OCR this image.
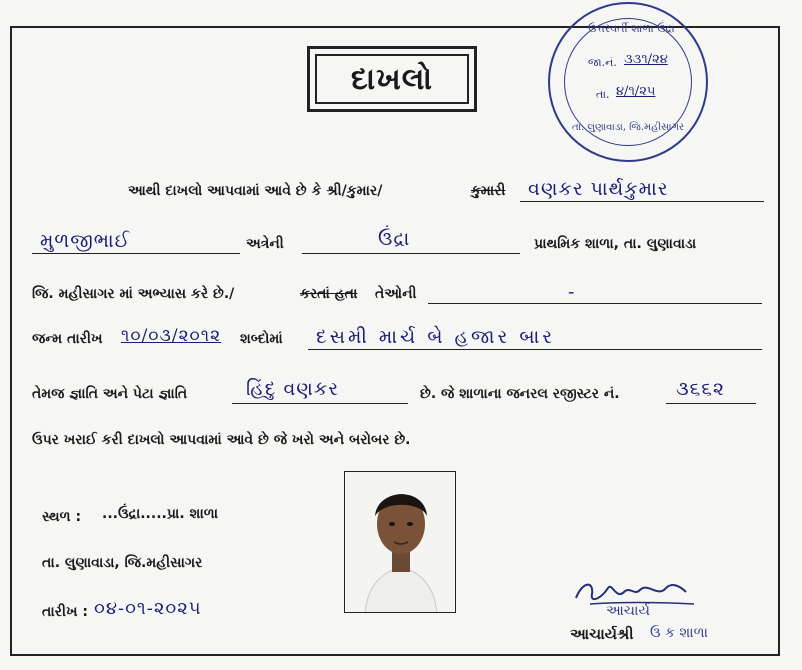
દાખલો
ઉત્તરવર્તી શાળા ઉંદ્રા
જા.નં. ૩૩૧/૨૪
તા. ૪/૧/૨૫
તા. લુણાવાડા, જિ.મહીસાગર
આથી દાખલો આપવામાં આવે છે કે શ્રી/કુમાર/	કુમારી વણકર પાર્થકુમાર
મુળજીભાઈ	અત્રેની	ઉંદ્રા	પ્રાથમિક શાળા, તા. લુણાવાડા
જિ. મહીસાગર માં અભ્યાસ કરે છે./	કરતાં હતા તેઓની	-
જન્મ તારીખ ૧૦/૦૩/૨૦૧૨ શબ્દોમાં દસમી માર્ચ બે હજાર બાર
તેમજ જ્ઞાતિ અને પેટા જ્ઞાતિ	હિંદુ વણકર	છે. જે શાળાના જનરલ રજીસ્ટર નં.	૩૬૬૨
ઉપર ખરાઈ કરી દાખલો આપવામાં આવે છે જે ખરો અને બરોબર છે.
સ્થળ : ...ઉંદ્રા.....પ્રા. શાળા
તા. લુણાવાડા, જિ.મહીસાગર
તારીખ : ૦૪-૦૧-૨૦૨૫	આચાર્ય
આચાર્યશ્રી ઉ ક શાળા
